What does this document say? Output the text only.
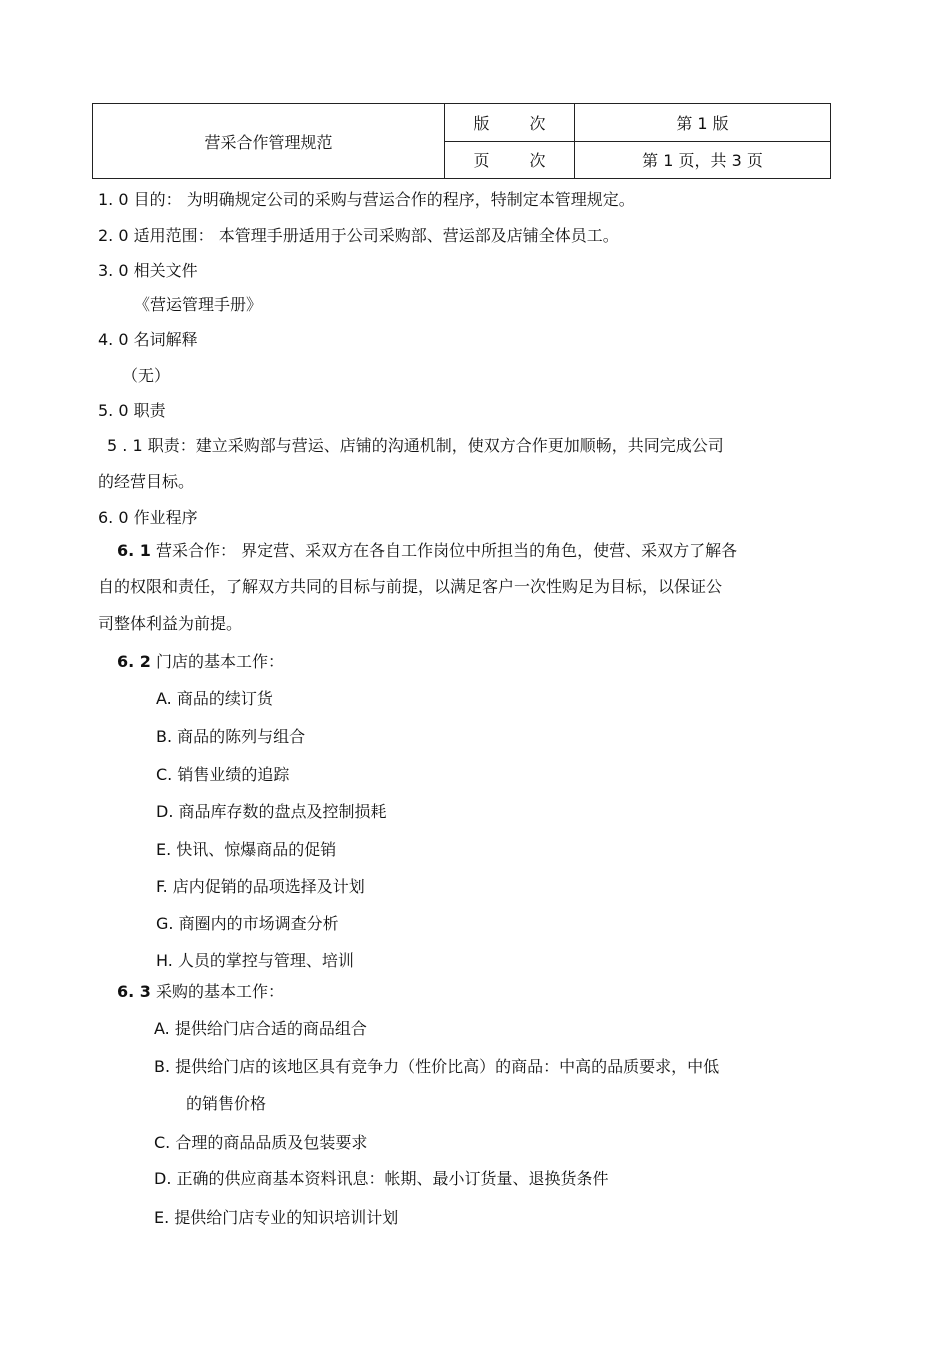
营采合作管理规范	版 次	第 1 版

	页 次	第 1 页，共 3 页
1. 0 目的： 为明确规定公司的采购与营运合作的程序，特制定本管理规定。
2. 0 适用范围： 本管理手册适用于公司采购部、营运部及店铺全体员工。
3. 0 相关文件
《营运管理手册》
4. 0 名词解释
（无）
5. 0 职责
5 . 1 职责：建立采购部与营运、店铺的沟通机制，使双方合作更加顺畅，共同完成公司
的经营目标。
6. 0 作业程序
6. 1 营采合作： 界定营、采双方在各自工作岗位中所担当的角色，使营、采双方了解各
自的权限和责任，了解双方共同的目标与前提，以满足客户一次性购足为目标，以保证公
司整体利益为前提。
6. 2 门店的基本工作：
A. 商品的续订货
B. 商品的陈列与组合
C. 销售业绩的追踪
D. 商品库存数的盘点及控制损耗
E. 快讯、惊爆商品的促销
F. 店内促销的品项选择及计划
G. 商圈内的市场调查分析
H. 人员的掌控与管理、培训
6. 3 采购的基本工作：
A. 提供给门店合适的商品组合
B. 提供给门店的该地区具有竞争力（性价比高）的商品：中高的品质要求，中低
的销售价格
C. 合理的商品品质及包装要求
D. 正确的供应商基本资料讯息：帐期、最小订货量、退换货条件
E. 提供给门店专业的知识培训计划
